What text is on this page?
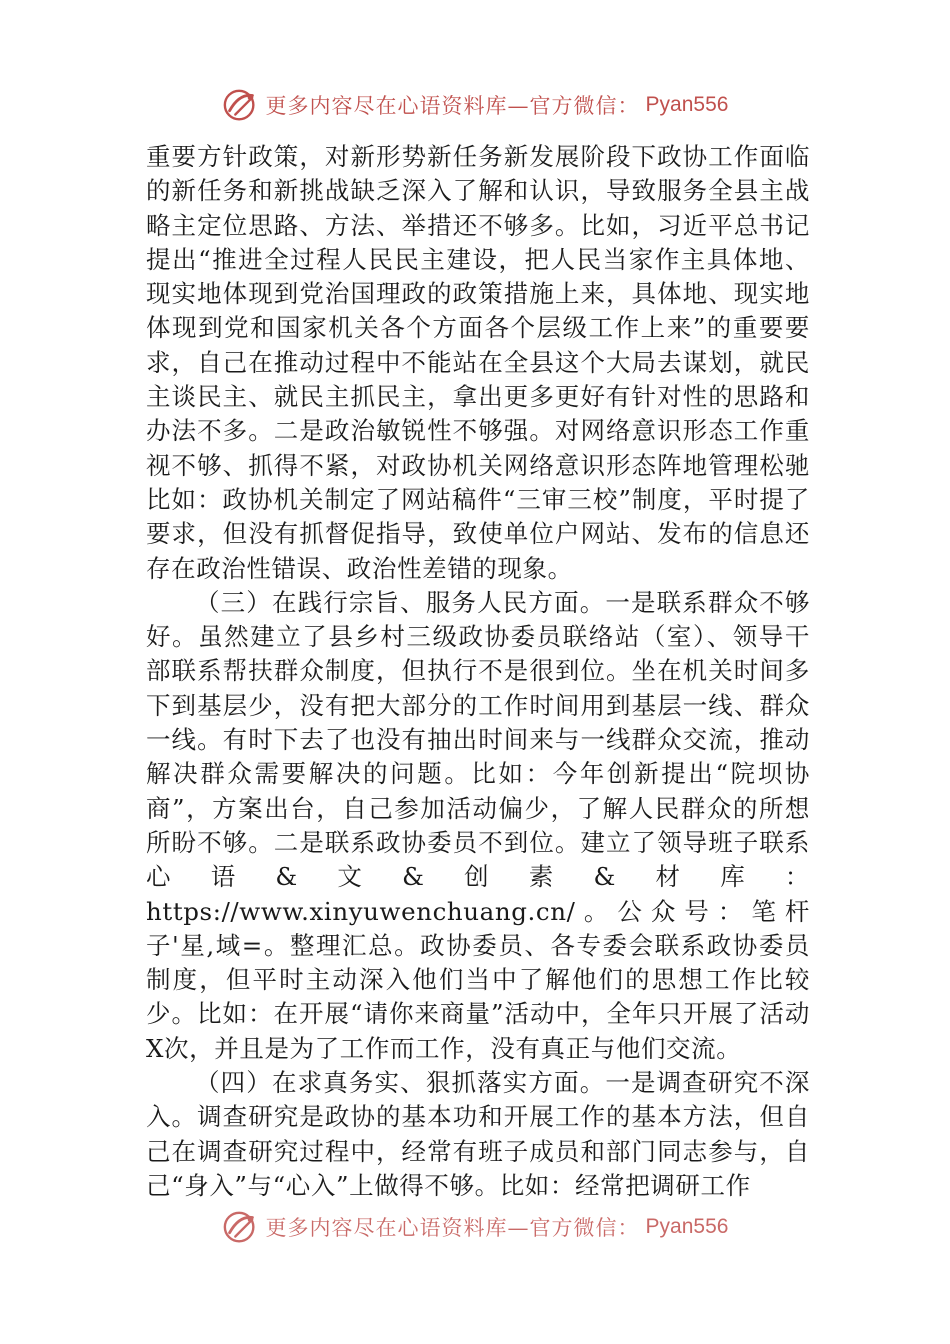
更多内容尽在心语资料库—官方微信： Pyan556

重要方针政策，对新形势新任务新发展阶段下政协工作面临的新任务和新挑战缺乏深入了解和认识，导致服务全县主战略主定位思路、方法、举措还不够多。比如，习近平总书记提出“推进全过程人民民主建设，把人民当家作主具体地、现实地体现到党治国理政的政策措施上来，具体地、现实地体现到党和国家机关各个方面各个层级工作上来”的重要要求，自己在推动过程中不能站在全县这个大局去谋划，就民主谈民主、就民主抓民主，拿出更多更好有针对性的思路和办法不多。二是政治敏锐性不够强。对网络意识形态工作重视不够、抓得不紧，对政协机关网络意识形态阵地管理松驰比如：政协机关制定了网站稿件“三审三校”制度，平时提了要求，但没有抓督促指导，致使单位户网站、发布的信息还存在政治性错误、政治性差错的现象。

（三）在践行宗旨、服务人民方面。一是联系群众不够好。虽然建立了县乡村三级政协委员联络站（室）、领导干部联系帮扶群众制度，但执行不是很到位。坐在机关时间多下到基层少，没有把大部分的工作时间用到基层一线、群众一线。有时下去了也没有抽出时间来与一线群众交流，推动解决群众需要解决的问题。比如：今年创新提出“院坝协商”，方案出台，自己参加活动偏少，了解人民群众的所想所盼不够。二是联系政协委员不到位。建立了领导班子联系心语&文&创素&材库：https://www.xinyuwenchuang.cn/。公众号：笔杆子'星,域=。整理汇总。政协委员、各专委会联系政协委员制度，但平时主动深入他们当中了解他们的思想工作比较少。比如：在开展“请你来商量”活动中，全年只开展了活动X次，并且是为了工作而工作，没有真正与他们交流。

（四）在求真务实、狠抓落实方面。一是调查研究不深入。调查研究是政协的基本功和开展工作的基本方法，但自己在调查研究过程中，经常有班子成员和部门同志参与，自己“身入”与“心入”上做得不够。比如：经常把调研工作

更多内容尽在心语资料库—官方微信： Pyan556
